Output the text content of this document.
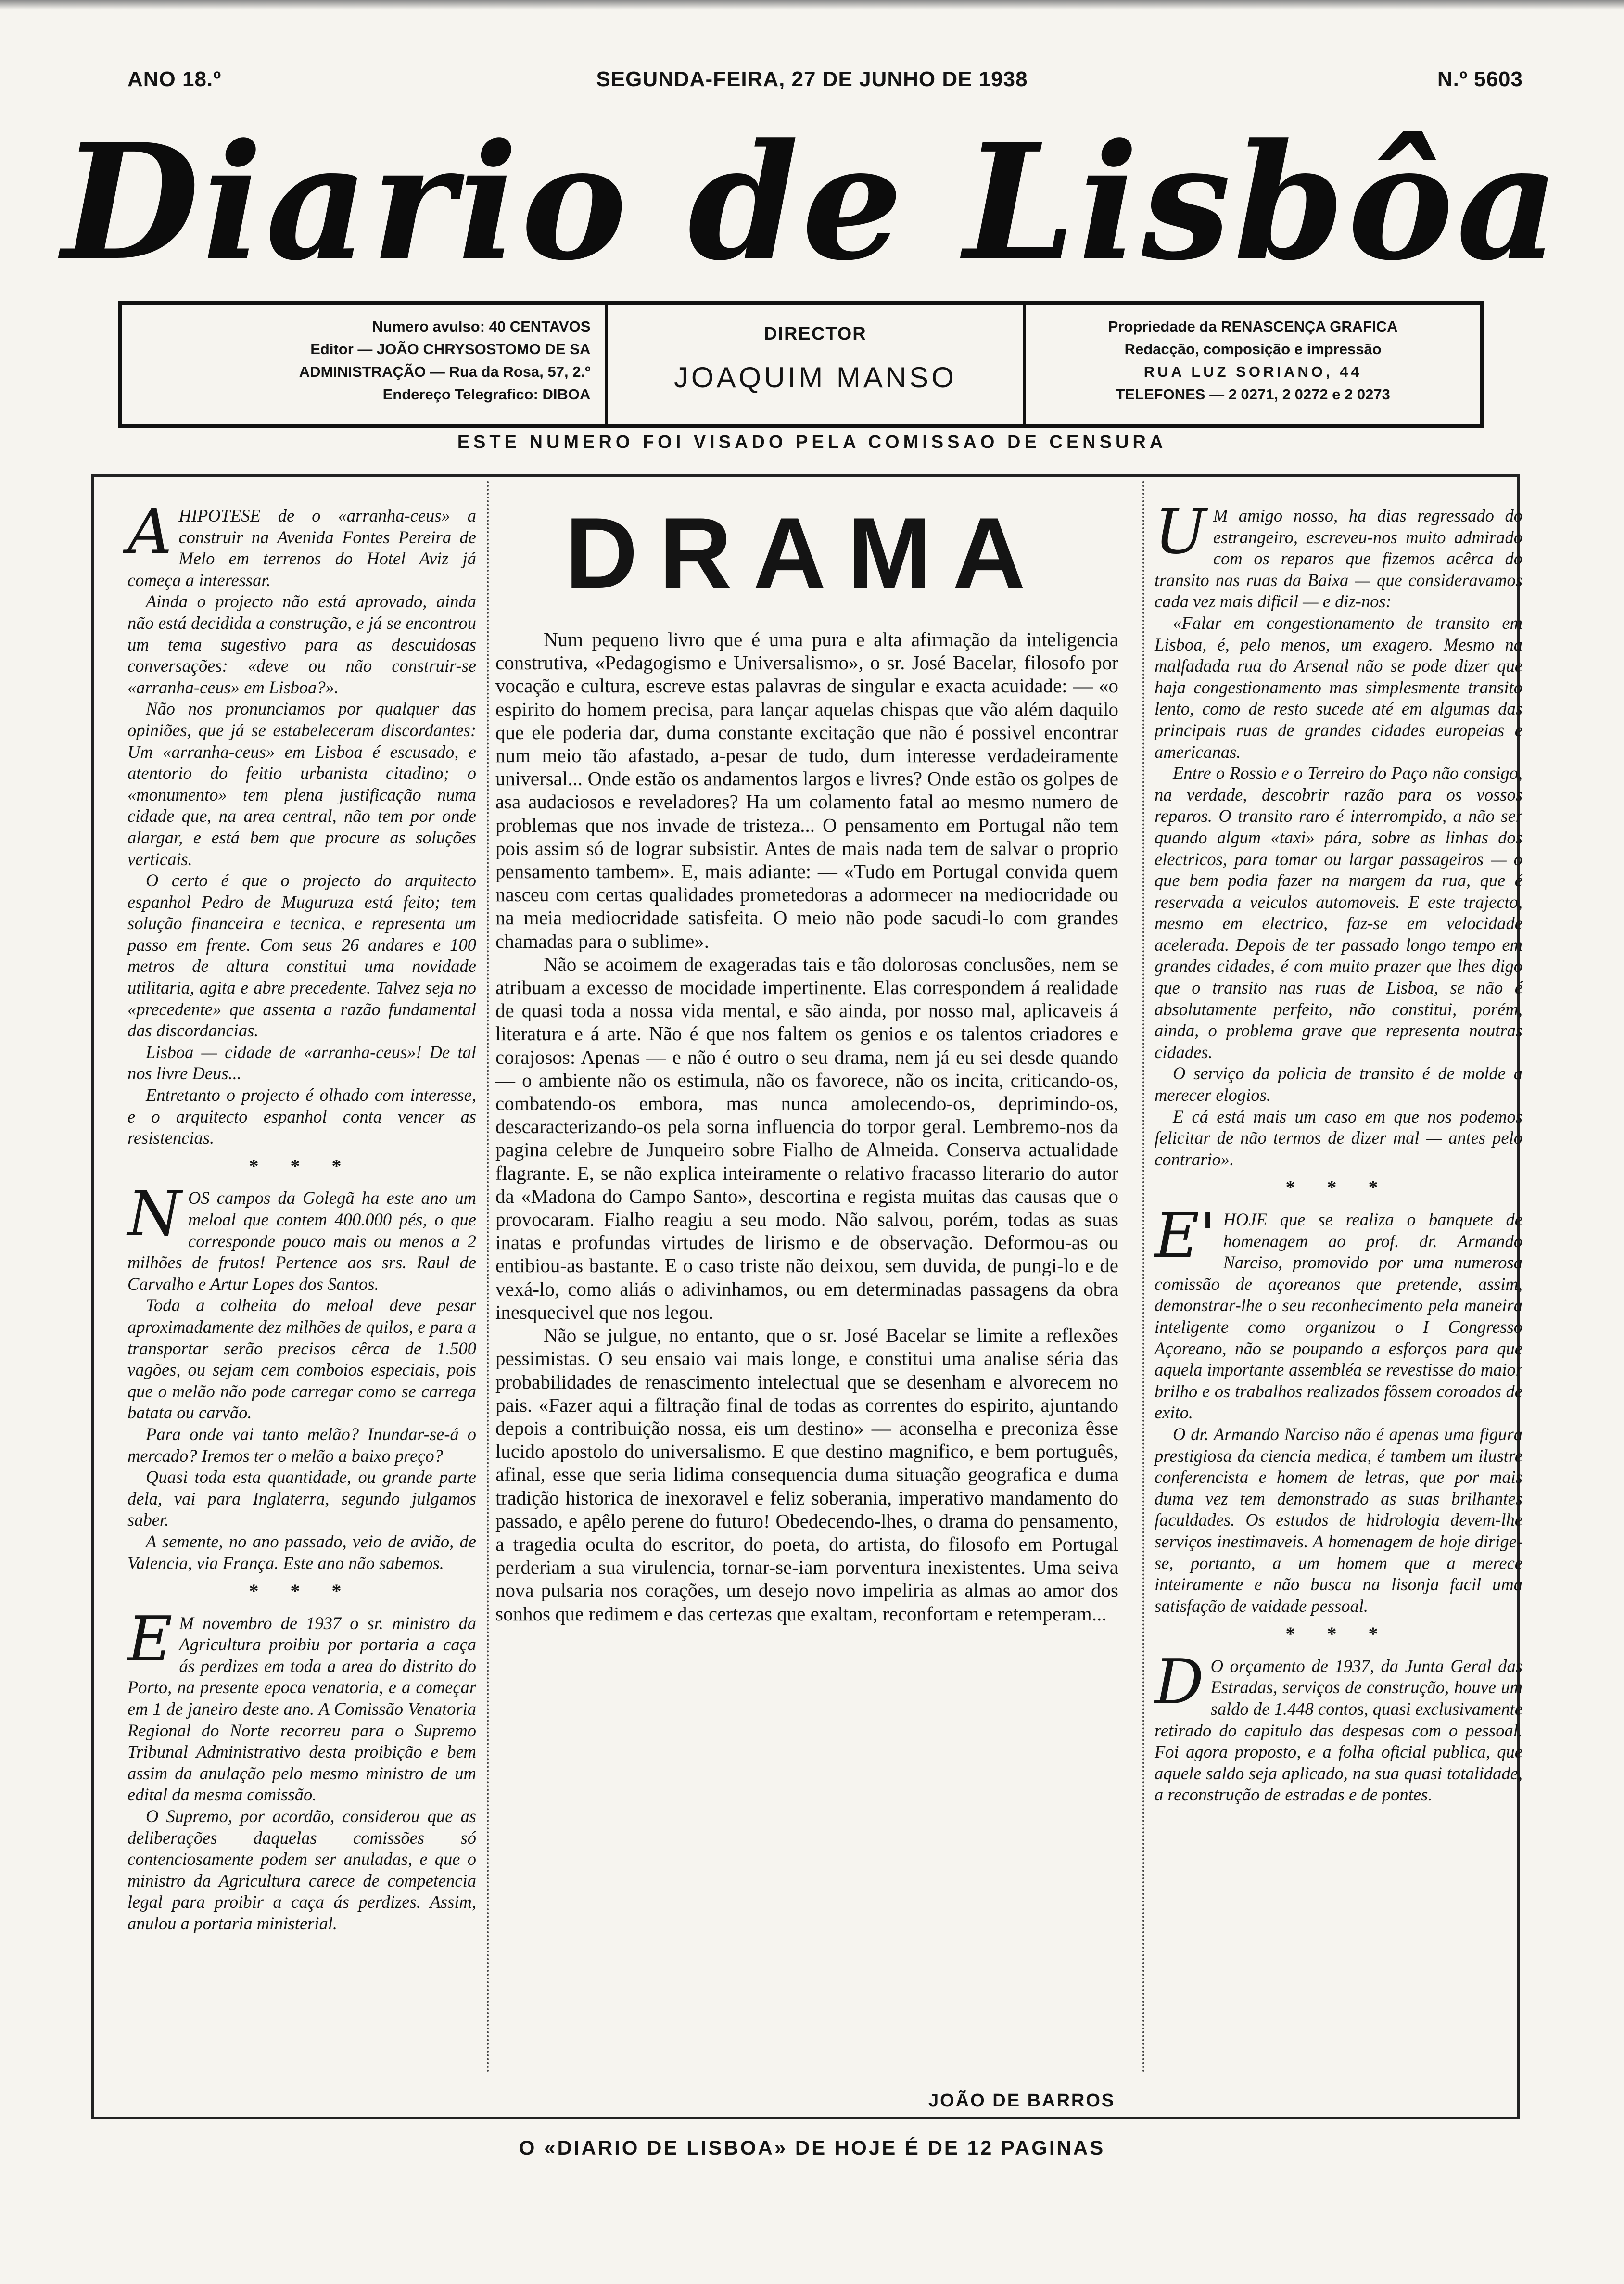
ANO 18.º	SEGUNDA-FEIRA, 27 DE JUNHO DE 1938	N.º 5603
Diario de Lisbôa
Numero avulso: 40 CENTAVOS
Editor — JOÃO CHRYSOSTOMO DE SA
ADMINISTRAÇÃO — Rua da Rosa, 57, 2.º
Endereço Telegrafico: DIBOA
DIRECTOR
JOAQUIM MANSO
Propriedade da RENASCENÇA GRAFICA
Redacção, composição e impressão
RUA LUZ SORIANO, 44
TELEFONES — 2 0271, 2 0272 e 2 0273
ESTE NUMERO FOI VISADO PELA COMISSAO DE CENSURA

AHIPOTESE de o «arranha-ceus» a construir na Avenida Fontes Pereira de Melo em terrenos do Hotel Aviz já começa a interessar.

Ainda o projecto não está aprovado, ainda não está decidida a construção, e já se encontrou um tema sugestivo para as descuidosas conversações: «deve ou não construir-se «arranha-ceus» em Lisboa?».

Não nos pronunciamos por qualquer das opiniões, que já se estabeleceram discordantes: Um «arranha-ceus» em Lisboa é escusado, e atentorio do feitio urbanista citadino; o «monumento» tem plena justificação numa cidade que, na area central, não tem por onde alargar, e está bem que procure as soluções verticais.

O certo é que o projecto do arquitecto espanhol Pedro de Muguruza está feito; tem solução financeira e tecnica, e representa um passo em frente. Com seus 26 andares e 100 metros de altura constitui uma novidade utilitaria, agita e abre precedente. Talvez seja no «precedente» que assenta a razão fundamental das discordancias.

Lisboa — cidade de «arranha-ceus»! De tal nos livre Deus...

Entretanto o projecto é olhado com interesse, e o arquitecto espanhol conta vencer as resistencias.

* * *

NOS campos da Golegã ha este ano um meloal que contem 400.000 pés, o que corresponde pouco mais ou menos a 2 milhões de frutos! Pertence aos srs. Raul de Carvalho e Artur Lopes dos Santos.

Toda a colheita do meloal deve pesar aproximadamente dez milhões de quilos, e para a transportar serão precisos cêrca de 1.500 vagões, ou sejam cem comboios especiais, pois que o melão não pode carregar como se carrega batata ou carvão.

Para onde vai tanto melão? Inundar-se-á o mercado? Iremos ter o melão a baixo preço?

Quasi toda esta quantidade, ou grande parte dela, vai para Inglaterra, segundo julgamos saber.

A semente, no ano passado, veio de avião, de Valencia, via França. Este ano não sabemos.

* * *

E M novembro de 1937 o sr. ministro da Agricultura proibiu por portaria a caça ás perdizes em toda a area do distrito do Porto, na presente epoca venatoria, e a começar em 1 de janeiro deste ano. A Comissão Venatoria Regional do Norte recorreu para o Supremo Tribunal Administrativo desta proibição e bem assim da anulação pelo mesmo ministro de um edital da mesma comissão.

O Supremo, por acordão, considerou que as deliberações daquelas comissões só contenciosamente podem ser anuladas, e que o ministro da Agricultura carece de competencia legal para proibir a caça ás perdizes. Assim, anulou a portaria ministerial.

DRAMA

Num pequeno livro que é uma pura e alta afirmação da inteligencia construtiva, «Pedagogismo e Universalismo», o sr. José Bacelar, filosofo por vocação e cultura, escreve estas palavras de singular e exacta acuidade: — «o espirito do homem precisa, para lançar aquelas chispas que vão além daquilo que ele poderia dar, duma constante excitação que não é possivel encontrar num meio tão afastado, a-pesar de tudo, dum interesse verdadeiramente universal... Onde estão os andamentos largos e livres? Onde estão os golpes de asa audaciosos e reveladores? Ha um colamento fatal ao mesmo numero de problemas que nos invade de tristeza... O pensamento em Portugal não tem pois assim só de lograr subsistir. Antes de mais nada tem de salvar o proprio pensamento tambem». E, mais adiante: — «Tudo em Portugal convida quem nasceu com certas qualidades prometedoras a adormecer na mediocridade ou na meia mediocridade satisfeita. O meio não pode sacudi-lo com grandes chamadas para o sublime».

Não se acoimem de exageradas tais e tão dolorosas conclusões, nem se atribuam a excesso de mocidade impertinente. Elas correspondem á realidade de quasi toda a nossa vida mental, e são ainda, por nosso mal, aplicaveis á literatura e á arte. Não é que nos faltem os genios e os talentos criadores e corajosos: Apenas — e não é outro o seu drama, nem já eu sei desde quando — o ambiente não os estimula, não os favorece, não os incita, criticando-os, combatendo-os embora, mas nunca amolecendo-os, deprimindo-os, descaracterizando-os pela sorna influencia do torpor geral. Lembremo-nos da pagina celebre de Junqueiro sobre Fialho de Almeida. Conserva actualidade flagrante. E, se não explica inteiramente o relativo fracasso literario do autor da «Madona do Campo Santo», descortina e regista muitas das causas que o provocaram. Fialho reagiu a seu modo. Não salvou, porém, todas as suas inatas e profundas virtudes de lirismo e de observação. Deformou-as ou entibiou-as bastante. E o caso triste não deixou, sem duvida, de pungi-lo e de vexá-lo, como aliás o adivinhamos, ou em determinadas passagens da obra inesquecivel que nos legou.

Não se julgue, no entanto, que o sr. José Bacelar se limite a reflexões pessimistas. O seu ensaio vai mais longe, e constitui uma analise séria das probabilidades de renascimento intelectual que se desenham e alvorecem no pais. «Fazer aqui a filtração final de todas as correntes do espirito, ajuntando depois a contribuição nossa, eis um destino» — aconselha e preconiza êsse lucido apostolo do universalismo. E que destino magnifico, e bem português, afinal, esse que seria lidima consequencia duma situação geografica e duma tradição historica de inexoravel e feliz soberania, imperativo mandamento do passado, e apêlo perene do futuro! Obedecendo-lhes, o drama do pensamento, a tragedia oculta do escritor, do poeta, do artista, do filosofo em Portugal perderiam a sua virulencia, tornar-se-iam porventura inexistentes. Uma seiva nova pulsaria nos corações, um desejo novo impeliria as almas ao amor dos sonhos que redimem e das certezas que exaltam, reconfortam e retemperam...

JOÃO DE BARROS

U M amigo nosso, ha dias regressado do estrangeiro, escreveu-nos muito admirado com os reparos que fizemos acêrca do transito nas ruas da Baixa — que consideravamos cada vez mais dificil — e diz-nos:

«Falar em congestionamento de transito em Lisboa, é, pelo menos, um exagero. Mesmo na malfadada rua do Arsenal não se pode dizer que haja congestionamento mas simplesmente transito lento, como de resto sucede até em algumas das principais ruas de grandes cidades europeias e americanas.

Entre o Rossio e o Terreiro do Paço não consigo, na verdade, descobrir razão para os vossos reparos. O transito raro é interrompido, a não ser quando algum «taxi» pára, sobre as linhas dos electricos, para tomar ou largar passageiros — o que bem podia fazer na margem da rua, que é reservada a veiculos automoveis. E este trajecto, mesmo em electrico, faz-se em velocidade acelerada. Depois de ter passado longo tempo em grandes cidades, é com muito prazer que lhes digo que o transito nas ruas de Lisboa, se não é absolutamente perfeito, não constitui, porém, ainda, o problema grave que representa noutras cidades.

O serviço da policia de transito é de molde a merecer elogios.

E cá está mais um caso em que nos podemos felicitar de não termos de dizer mal — antes pelo contrario».

* * *

E' HOJE que se realiza o banquete de homenagem ao prof. dr. Armando Narciso, promovido por uma numerosa comissão de açoreanos que pretende, assim, demonstrar-lhe o seu reconhecimento pela maneira inteligente como organizou o I Congresso Açoreano, não se poupando a esforços para que aquela importante assembléa se revestisse do maior brilho e os trabalhos realizados fôssem coroados de exito.

O dr. Armando Narciso não é apenas uma figura prestigiosa da ciencia medica, é tambem um ilustre conferencista e homem de letras, que por mais duma vez tem demonstrado as suas brilhantes faculdades. Os estudos de hidrologia devem-lhe serviços inestimaveis. A homenagem de hoje dirige-se, portanto, a um homem que a merece inteiramente e não busca na lisonja facil uma satisfação de vaidade pessoal.

* * *

D O orçamento de 1937, da Junta Geral das Estradas, serviços de construção, houve um saldo de 1.448 contos, quasi exclusivamente retirado do capitulo das despesas com o pessoal. Foi agora proposto, e a folha oficial publica, que aquele saldo seja aplicado, na sua quasi totalidade, a reconstrução de estradas e de pontes.

O «DIARIO DE LISBOA» DE HOJE É DE 12 PAGINAS
